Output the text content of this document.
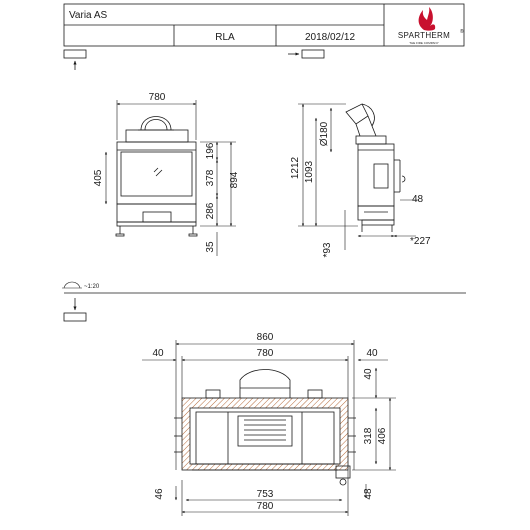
Varia AS
RLA	2018/02/12	SPARTHERM ®
THE FIRE COMPANY
780
405
196
378
286
894
35
1212 1093
Ø180
48
*93
*227
~1:20
860
780
40	40
40
318 406
46	753
780
48
